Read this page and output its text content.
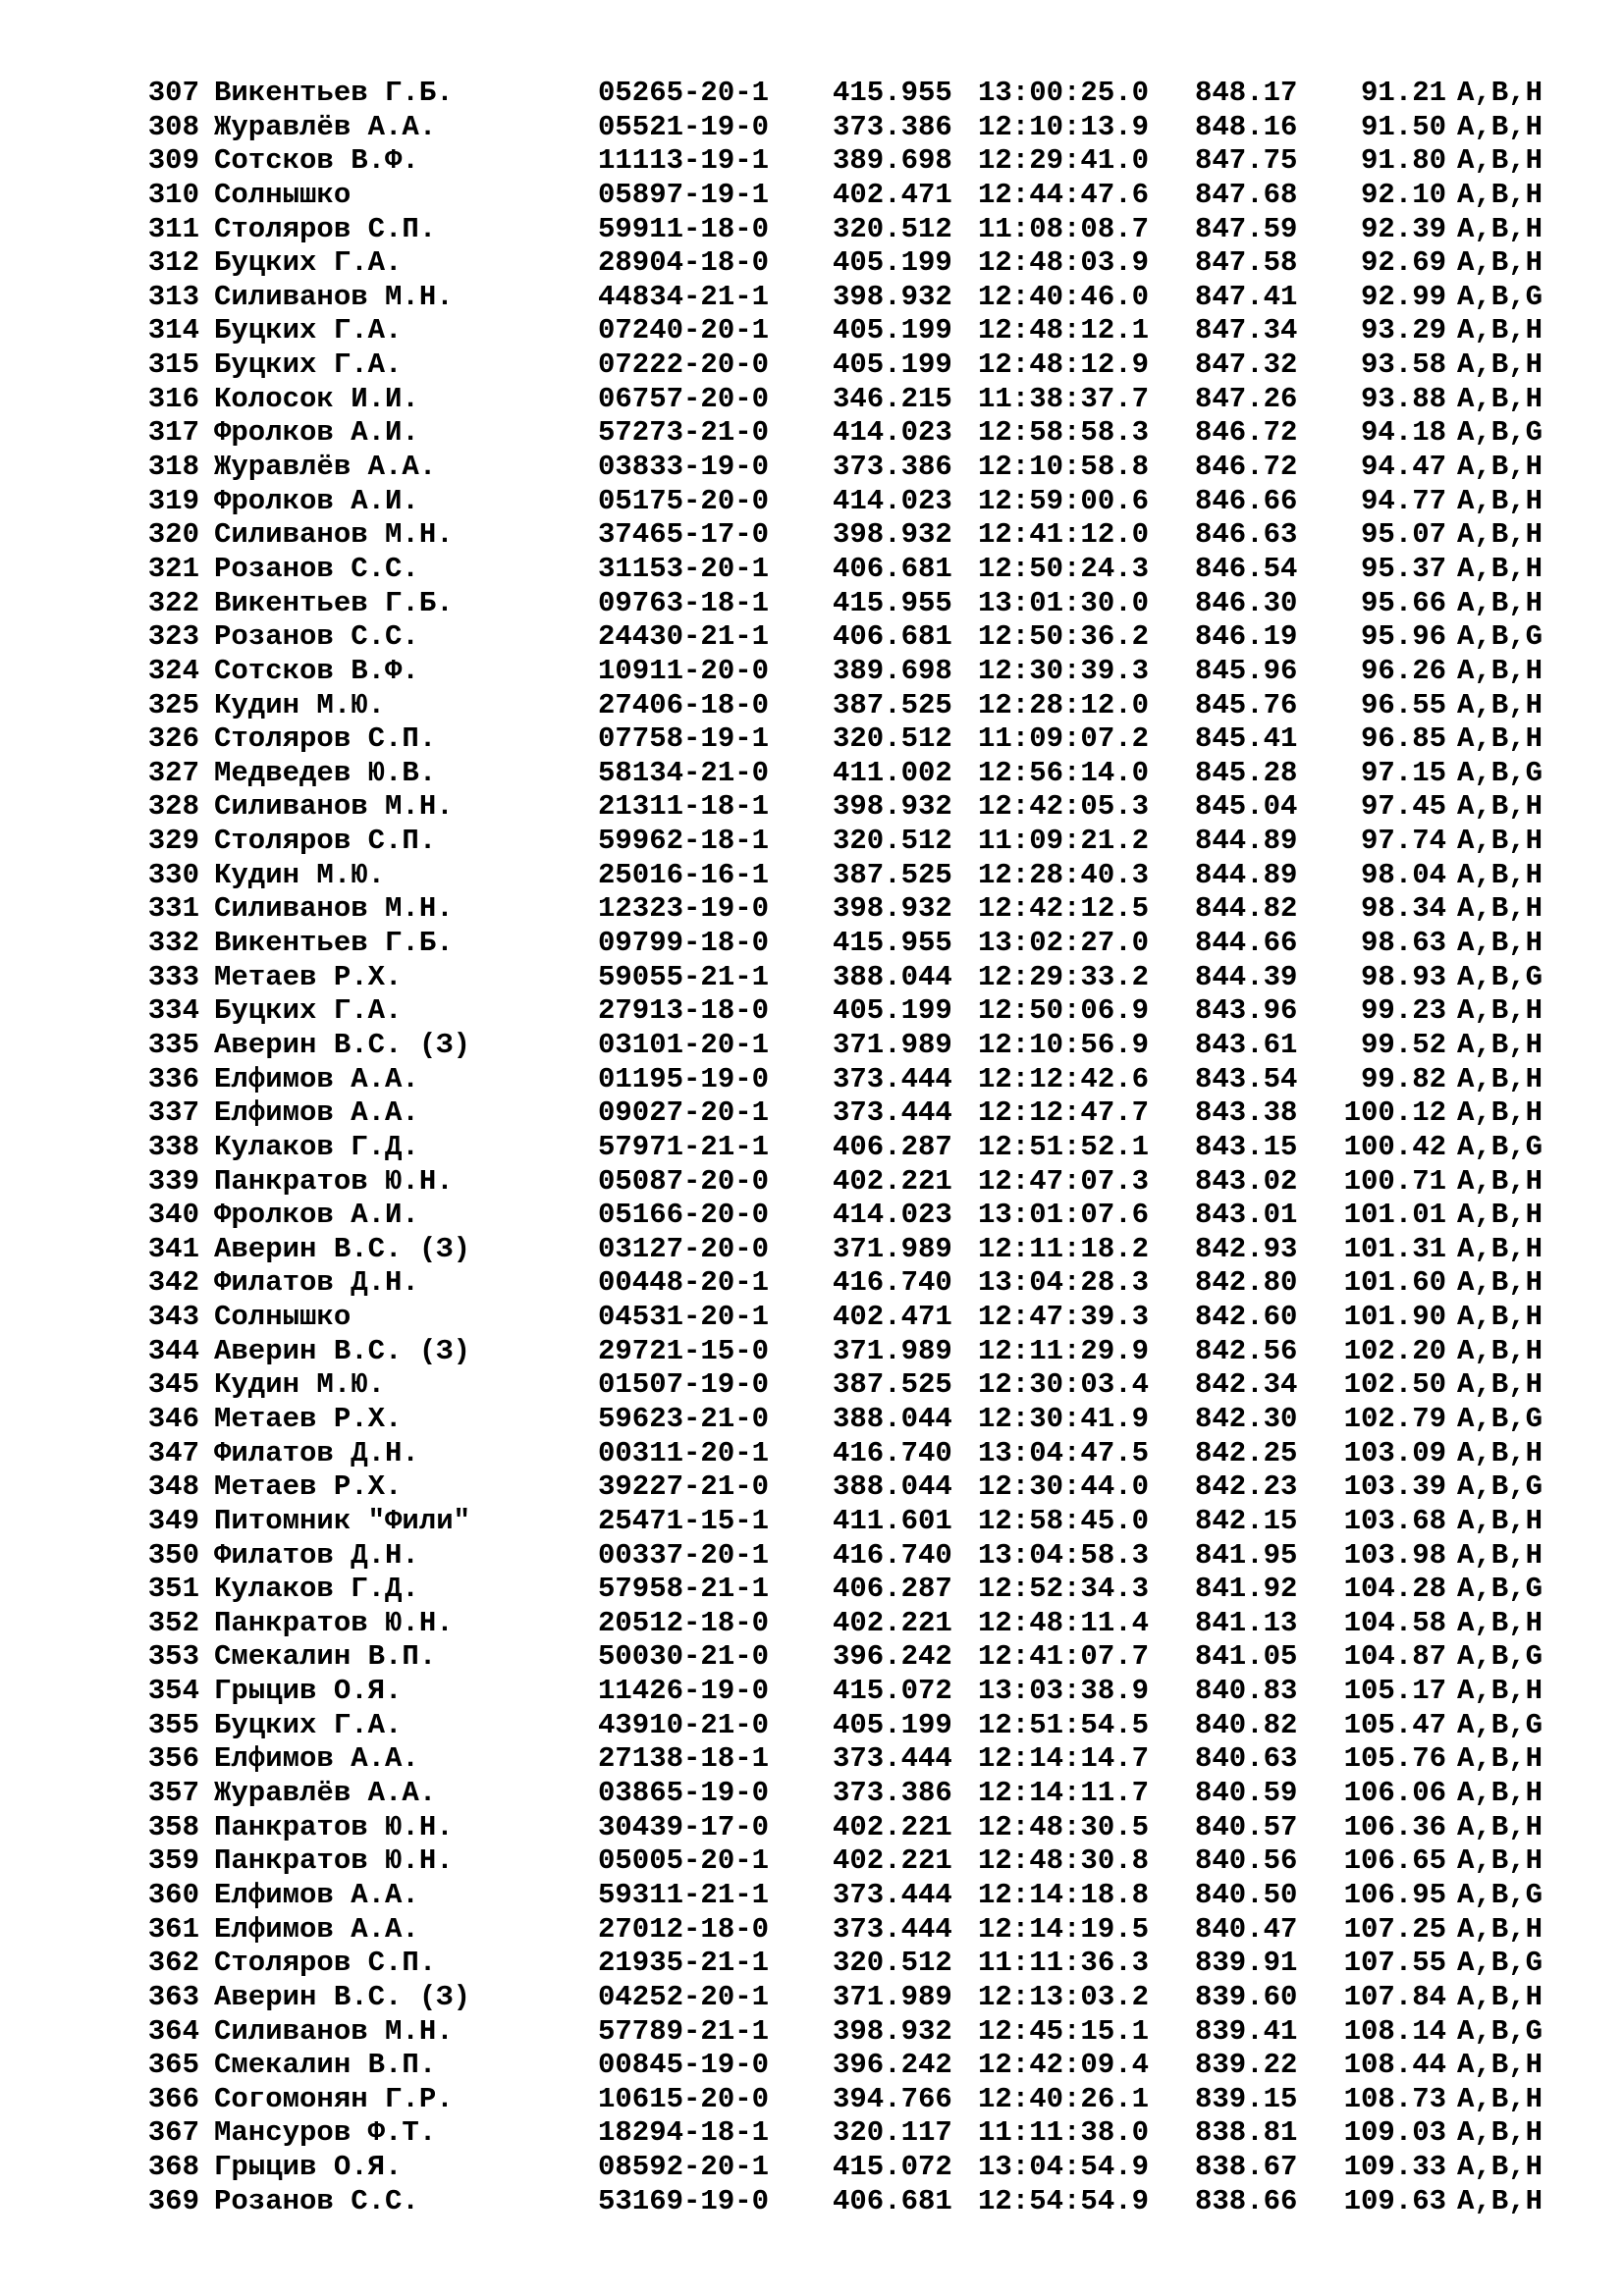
307 Викентьев Г.Б.	05265-20-1 415.955 13:00:25.0 848.17	91.21 A,B,H
308 Журавлёв А.А.	05521-19-0 373.386 12:10:13.9 848.16	91.50 A,B,H
309 Сотсков В.Ф.	11113-19-1 389.698 12:29:41.0 847.75	91.80 A,B,H
310 Солнышко	05897-19-1 402.471 12:44:47.6 847.68	92.10 A,B,H
311 Столяров С.П.	59911-18-0 320.512 11:08:08.7 847.59	92.39 A,B,H
312 Буцких Г.А.	28904-18-0 405.199 12:48:03.9 847.58	92.69 A,B,H
313 Силиванов М.Н.	44834-21-1 398.932 12:40:46.0 847.41	92.99 A,B,G
314 Буцких Г.А.	07240-20-1 405.199 12:48:12.1 847.34	93.29 A,B,H
315 Буцких Г.А.	07222-20-0 405.199 12:48:12.9 847.32	93.58 A,B,H
316 Колосок И.И.	06757-20-0 346.215 11:38:37.7 847.26	93.88 A,B,H
317 Фролков А.И.	57273-21-0 414.023 12:58:58.3 846.72	94.18 A,B,G
318 Журавлёв А.А.	03833-19-0 373.386 12:10:58.8 846.72	94.47 A,B,H
319 Фролков А.И.	05175-20-0 414.023 12:59:00.6 846.66	94.77 A,B,H
320 Силиванов М.Н.	37465-17-0 398.932 12:41:12.0 846.63	95.07 A,B,H
321 Розанов С.С.	31153-20-1 406.681 12:50:24.3 846.54	95.37 A,B,H
322 Викентьев Г.Б.	09763-18-1 415.955 13:01:30.0 846.30	95.66 A,B,H
323 Розанов С.С.	24430-21-1 406.681 12:50:36.2 846.19	95.96 A,B,G
324 Сотсков В.Ф.	10911-20-0 389.698 12:30:39.3 845.96	96.26 A,B,H
325 Кудин М.Ю.	27406-18-0 387.525 12:28:12.0 845.76	96.55 A,B,H
326 Столяров С.П.	07758-19-1 320.512 11:09:07.2 845.41	96.85 A,B,H
327 Медведев Ю.В.	58134-21-0 411.002 12:56:14.0 845.28	97.15 A,B,G
328 Силиванов М.Н.	21311-18-1 398.932 12:42:05.3 845.04	97.45 A,B,H
329 Столяров С.П.	59962-18-1 320.512 11:09:21.2 844.89	97.74 A,B,H
330 Кудин М.Ю.	25016-16-1 387.525 12:28:40.3 844.89	98.04 A,B,H
331 Силиванов М.Н.	12323-19-0 398.932 12:42:12.5 844.82	98.34 A,B,H
332 Викентьев Г.Б.	09799-18-0 415.955 13:02:27.0 844.66	98.63 A,B,H
333 Метаев Р.Х.	59055-21-1 388.044 12:29:33.2 844.39	98.93 A,B,G
334 Буцких Г.А.	27913-18-0 405.199 12:50:06.9 843.96	99.23 A,B,H
335 Аверин В.С. (З)	03101-20-1 371.989 12:10:56.9 843.61	99.52 A,B,H
336 Елфимов А.А.	01195-19-0 373.444 12:12:42.6 843.54	99.82 A,B,H
337 Елфимов А.А.	09027-20-1 373.444 12:12:47.7 843.38	100.12 A,B,H
338 Кулаков Г.Д.	57971-21-1 406.287 12:51:52.1 843.15	100.42 A,B,G
339 Панкратов Ю.Н.	05087-20-0 402.221 12:47:07.3 843.02	100.71 A,B,H
340 Фролков А.И.	05166-20-0 414.023 13:01:07.6 843.01	101.01 A,B,H
341 Аверин В.С. (З)	03127-20-0 371.989 12:11:18.2 842.93	101.31 A,B,H
342 Филатов Д.Н.	00448-20-1 416.740 13:04:28.3 842.80	101.60 A,B,H
343 Солнышко	04531-20-1 402.471 12:47:39.3 842.60	101.90 A,B,H
344 Аверин В.С. (З)	29721-15-0 371.989 12:11:29.9 842.56	102.20 A,B,H
345 Кудин М.Ю.	01507-19-0 387.525 12:30:03.4 842.34	102.50 A,B,H
346 Метаев Р.Х.	59623-21-0 388.044 12:30:41.9 842.30	102.79 A,B,G
347 Филатов Д.Н.	00311-20-1 416.740 13:04:47.5 842.25	103.09 A,B,H
348 Метаев Р.Х.	39227-21-0 388.044 12:30:44.0 842.23	103.39 A,B,G
349 Питомник "Фили"	25471-15-1 411.601 12:58:45.0 842.15	103.68 A,B,H
350 Филатов Д.Н.	00337-20-1 416.740 13:04:58.3 841.95	103.98 A,B,H
351 Кулаков Г.Д.	57958-21-1 406.287 12:52:34.3 841.92	104.28 A,B,G
352 Панкратов Ю.Н.	20512-18-0 402.221 12:48:11.4 841.13	104.58 A,B,H
353 Смекалин В.П.	50030-21-0 396.242 12:41:07.7 841.05	104.87 A,B,G
354 Грыцив О.Я.	11426-19-0 415.072 13:03:38.9 840.83	105.17 A,B,H
355 Буцких Г.А.	43910-21-0 405.199 12:51:54.5 840.82	105.47 A,B,G
356 Елфимов А.А.	27138-18-1 373.444 12:14:14.7 840.63	105.76 A,B,H
357 Журавлёв А.А.	03865-19-0 373.386 12:14:11.7 840.59	106.06 A,B,H
358 Панкратов Ю.Н.	30439-17-0 402.221 12:48:30.5 840.57	106.36 A,B,H
359 Панкратов Ю.Н.	05005-20-1 402.221 12:48:30.8 840.56	106.65 A,B,H
360 Елфимов А.А.	59311-21-1 373.444 12:14:18.8 840.50	106.95 A,B,G
361 Елфимов А.А.	27012-18-0 373.444 12:14:19.5 840.47	107.25 A,B,H
362 Столяров С.П.	21935-21-1 320.512 11:11:36.3 839.91	107.55 A,B,G
363 Аверин В.С. (З)	04252-20-1 371.989 12:13:03.2 839.60	107.84 A,B,H
364 Силиванов М.Н.	57789-21-1 398.932 12:45:15.1 839.41	108.14 A,B,G
365 Смекалин В.П.	00845-19-0 396.242 12:42:09.4 839.22	108.44 A,B,H
366 Согомонян Г.Р.	10615-20-0 394.766 12:40:26.1 839.15	108.73 A,B,H
367 Мансуров Ф.Т.	18294-18-1 320.117 11:11:38.0 838.81	109.03 A,B,H
368 Грыцив О.Я.	08592-20-1 415.072 13:04:54.9 838.67	109.33 A,B,H
369 Розанов С.С.	53169-19-0 406.681 12:54:54.9 838.66	109.63 A,B,H
